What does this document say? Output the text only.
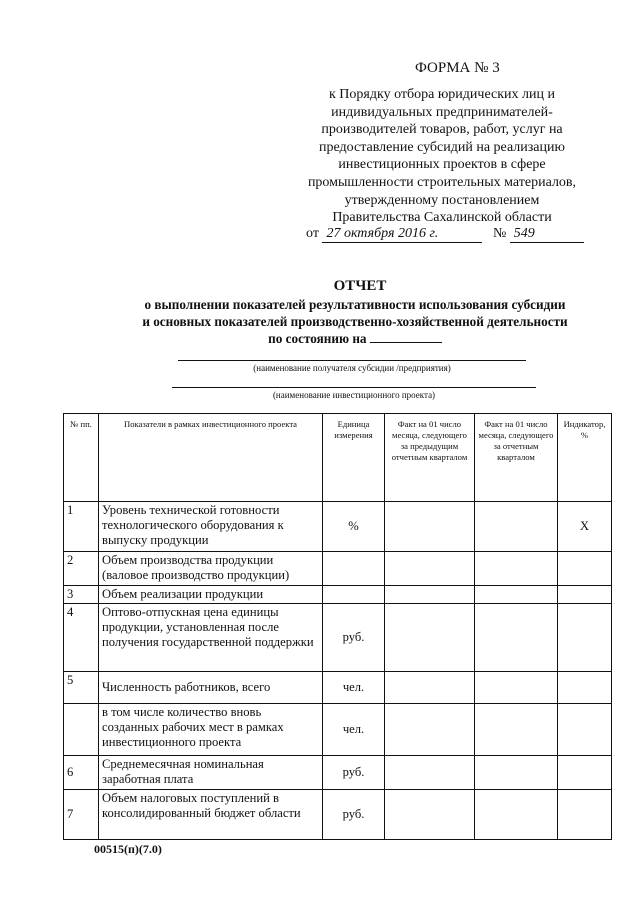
ФОРМА № 3
к Порядку отбора юридических лиц и
индивидуальных предпринимателей-
производителей товаров, работ, услуг на
предоставление субсидий на реализацию
инвестиционных проектов в сфере
промышленности строительных материалов,
утвержденному постановлением
Правительства Сахалинской области
от 27 октября 2016 г.	№ 549
ОТЧЕТ
о выполнении показателей результативности использования субсидии
и основных показателей производственно-хозяйственной деятельности
по состоянию на
(наименование получателя субсидии /предприятия)
(наименование инвестиционного проекта)
№ пп.	Показатели в рамках инвестиционного проекта	Единица измерения	Факт на 01 число месяца, следующего за предыдущим отчетным кварталом	Факт на 01 число месяца, следующего за отчетным кварталом	Индикатор, %
1	Уровень технической готовности технологического оборудования к выпуску продукции	%			X
2	Объем производства продукции (валовое производство продукции)				
3	Объем реализации продукции				
4	Оптово-отпускная цена единицы продукции, установленная после получения государственной поддержки	руб.			
5	Численность работников, всего	чел.			
	в том числе количество вновь созданных рабочих мест в рамках инвестиционного проекта	чел.			
6	Среднемесячная номинальная заработная плата	руб.			
7	Объем налоговых поступлений в консолидированный бюджет области	руб.			
00515(п)(7.0)
